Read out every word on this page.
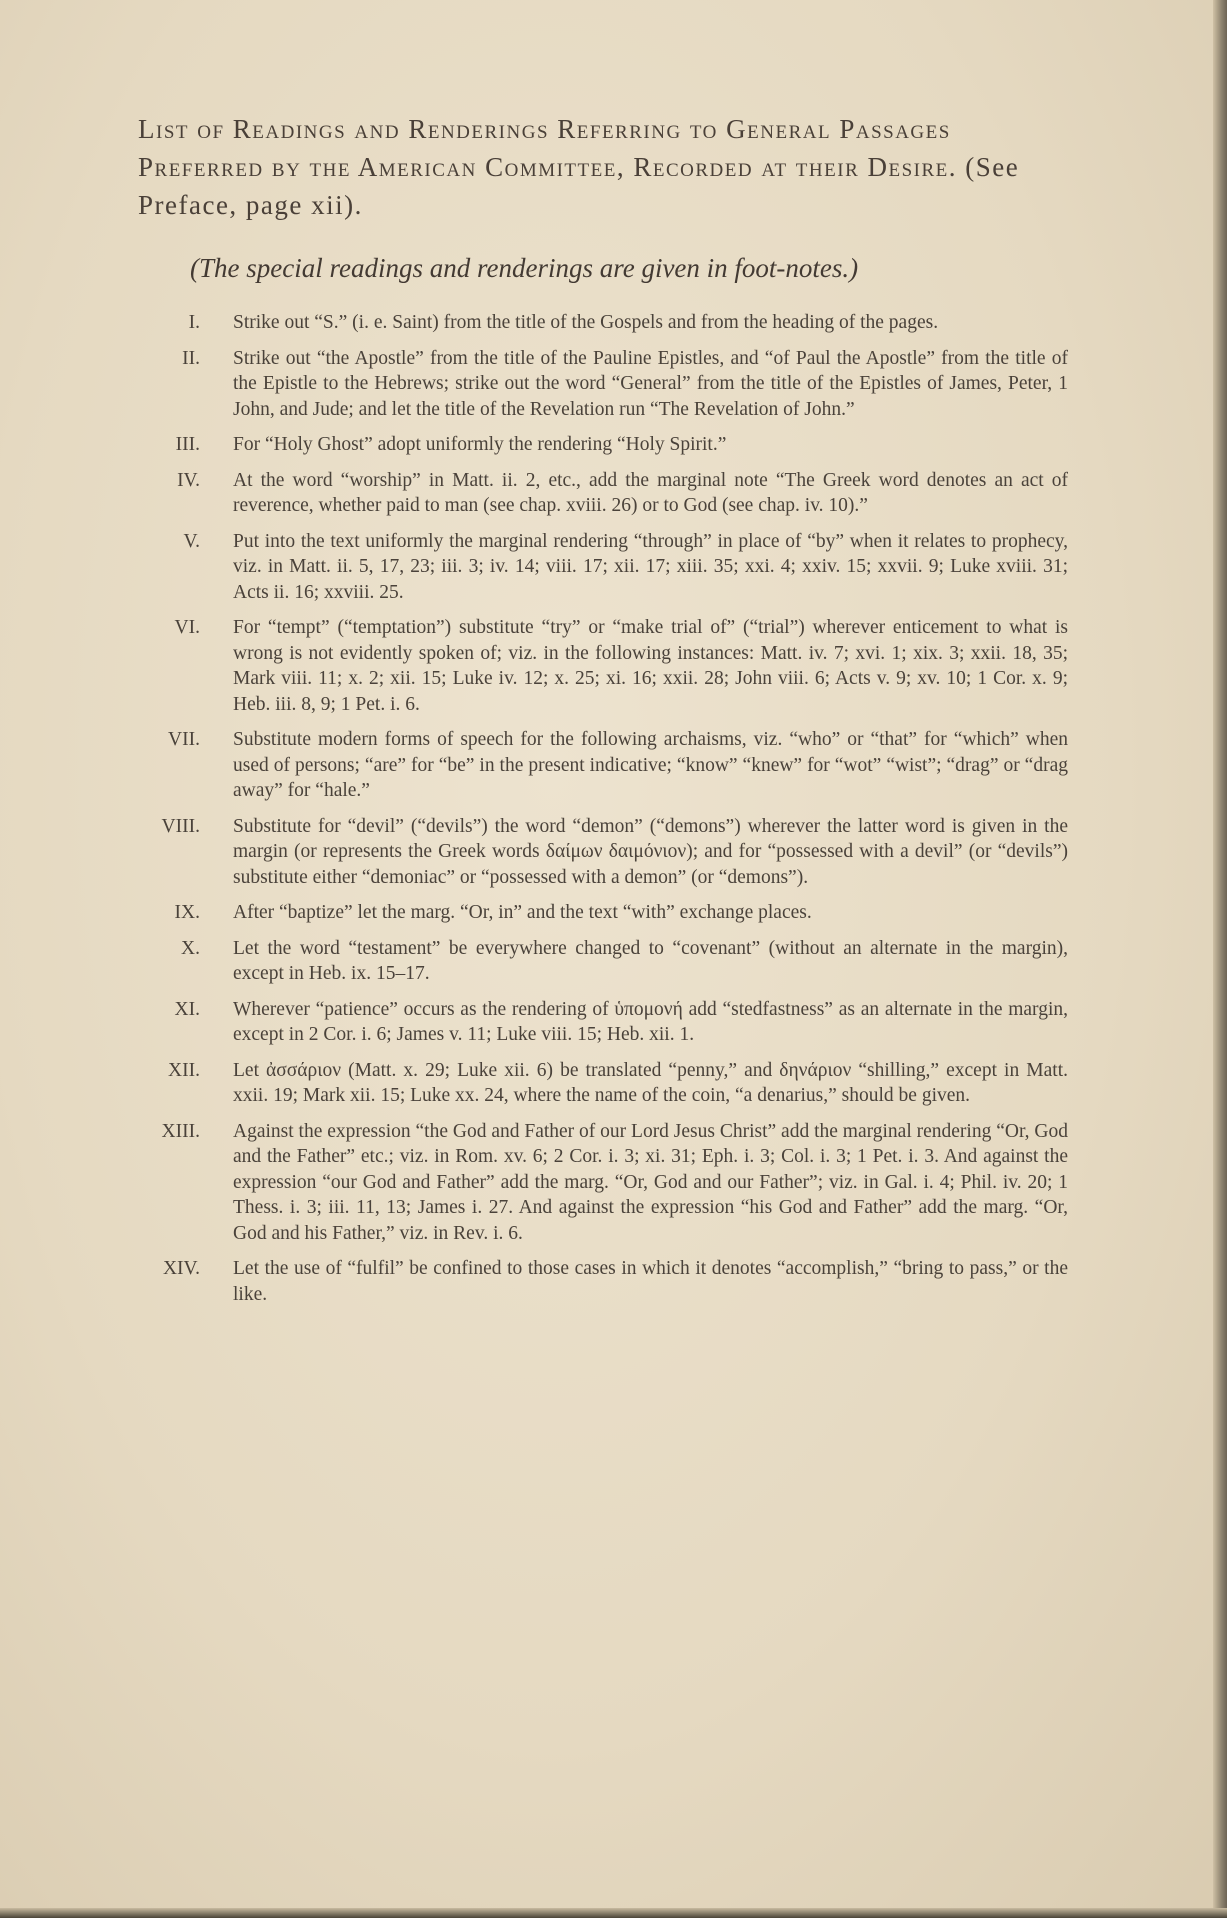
List of Readings and Renderings Referring to General Passages Preferred by the American Committee, Recorded at their Desire. (See Preface, page xii).
(The special readings and renderings are given in foot-notes.)
I. Strike out “S.” (i. e. Saint) from the title of the Gospels and from the heading of the pages.
II. Strike out “the Apostle” from the title of the Pauline Epistles, and “of Paul the Apostle” from the title of the Epistle to the Hebrews; strike out the word “General” from the title of the Epistles of James, Peter, 1 John, and Jude; and let the title of the Revelation run “The Revelation of John.”
III. For “Holy Ghost” adopt uniformly the rendering “Holy Spirit.”
IV. At the word “worship” in Matt. ii. 2, etc., add the marginal note “The Greek word denotes an act of reverence, whether paid to man (see chap. xviii. 26) or to God (see chap. iv. 10).”
V. Put into the text uniformly the marginal rendering “through” in place of “by” when it relates to prophecy, viz. in Matt. ii. 5, 17, 23; iii. 3; iv. 14; viii. 17; xii. 17; xiii. 35; xxi. 4; xxiv. 15; xxvii. 9; Luke xviii. 31; Acts ii. 16; xxviii. 25.
VI. For “tempt” (“temptation”) substitute “try” or “make trial of” (“trial”) wherever enticement to what is wrong is not evidently spoken of; viz. in the following instances: Matt. iv. 7; xvi. 1; xix. 3; xxii. 18, 35; Mark viii. 11; x. 2; xii. 15; Luke iv. 12; x. 25; xi. 16; xxii. 28; John viii. 6; Acts v. 9; xv. 10; 1 Cor. x. 9; Heb. iii. 8, 9; 1 Pet. i. 6.
VII. Substitute modern forms of speech for the following archaisms, viz. “who” or “that” for “which” when used of persons; “are” for “be” in the present indicative; “know” “knew” for “wot” “wist”; “drag” or “drag away” for “hale.”
VIII. Substitute for “devil” (“devils”) the word “demon” (“demons”) wherever the latter word is given in the margin (or represents the Greek words δαίμων δαιμόνιον); and for “possessed with a devil” (or “devils”) substitute either “demoniac” or “possessed with a demon” (or “demons”).
IX. After “baptize” let the marg. “Or, in” and the text “with” exchange places.
X. Let the word “testament” be everywhere changed to “covenant” (without an alternate in the margin), except in Heb. ix. 15–17.
XI. Wherever “patience” occurs as the rendering of ὑπομονή add “stedfastness” as an alternate in the margin, except in 2 Cor. i. 6; James v. 11; Luke viii. 15; Heb. xii. 1.
XII. Let ἀσσάριον (Matt. x. 29; Luke xii. 6) be translated “penny,” and δηνάριον “shilling,” except in Matt. xxii. 19; Mark xii. 15; Luke xx. 24, where the name of the coin, “a denarius,” should be given.
XIII. Against the expression “the God and Father of our Lord Jesus Christ” add the marginal rendering “Or, God and the Father” etc.; viz. in Rom. xv. 6; 2 Cor. i. 3; xi. 31; Eph. i. 3; Col. i. 3; 1 Pet. i. 3. And against the expression “our God and Father” add the marg. “Or, God and our Father”; viz. in Gal. i. 4; Phil. iv. 20; 1 Thess. i. 3; iii. 11, 13; James i. 27. And against the expression “his God and Father” add the marg. “Or, God and his Father,” viz. in Rev. i. 6.
XIV. Let the use of “fulfil” be confined to those cases in which it denotes “accomplish,” “bring to pass,” or the like.
